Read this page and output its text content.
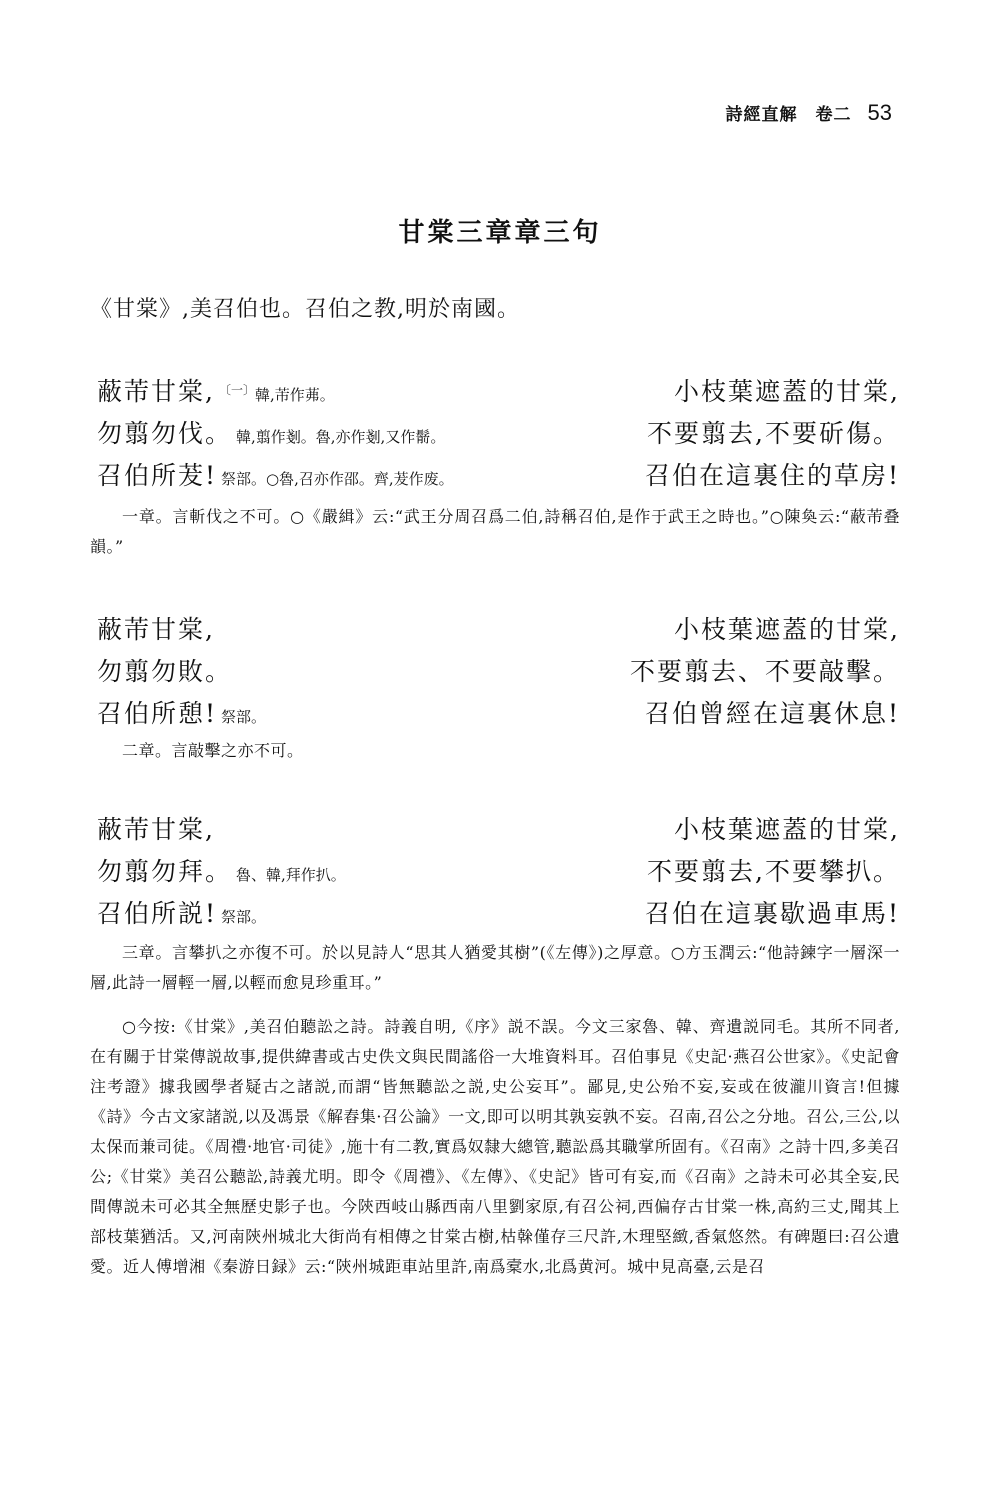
詩經直解　卷二 53
甘棠三章章三句
《甘棠》,美召伯也。召伯之教,明於南國。
蔽芾甘棠, $^{〔一〕}$韓,芾作茀。	小枝葉遮蓋的甘棠,
勿翦勿伐。 韓,翦作剗。魯,亦作剗,又作鬋。	不要翦去,不要斫傷。
召伯所茇! 祭部。○魯,召亦作邵。齊,茇作废。	召伯在這裏住的草房!
一章。言斬伐之不可。○《嚴緝》云:“武王分周召爲二伯,詩稱召伯,是作于武王之時也。”○陳奐云:“蔽芾叠韻。”
蔽芾甘棠,	小枝葉遮蓋的甘棠,
勿翦勿敗。	不要翦去、不要敲擊。
召伯所憩! 祭部。	召伯曾經在這裏休息!
二章。言敲擊之亦不可。
蔽芾甘棠,	小枝葉遮蓋的甘棠,
勿翦勿拜。 魯、韓,拜作扒。	不要翦去,不要攀扒。
召伯所説! 祭部。	召伯在這裏歇過車馬!
三章。言攀扒之亦復不可。於以見詩人“思其人猶愛其樹”(《左傳》)之厚意。○方玉潤云:“他詩鍊字一層深一層,此詩一層輕一層,以輕而愈見珍重耳。”
○今按:《甘棠》,美召伯聽訟之詩。詩義自明,《序》説不誤。今文三家魯、韓、齊遺説同毛。其所不同者,在有關于甘棠傳説故事,提供緯書或古史佚文與民間謠俗一大堆資料耳。召伯事見《史記·燕召公世家》。《史記會注考證》據我國學者疑古之諸説,而謂“皆無聽訟之説,史公妄耳”。鄙見,史公殆不妄,妄或在彼瀧川資言!但據《詩》今古文家諸説,以及馮景《解舂集·召公論》一文,即可以明其孰妄孰不妄。召南,召公之分地。召公,三公,以太保而兼司徒。《周禮·地官·司徒》,施十有二教,實爲奴隸大總管,聽訟爲其職掌所固有。《召南》之詩十四,多美召公;《甘棠》美召公聽訟,詩義尤明。即令《周禮》、《左傳》、《史記》皆可有妄,而《召南》之詩未可必其全妄,民間傳説未可必其全無歷史影子也。今陝西岐山縣西南八里劉家原,有召公祠,西偏存古甘棠一株,高約三丈,聞其上部枝葉猶活。又,河南陝州城北大街尚有相傳之甘棠古樹,枯榦僅存三尺許,木理堅緻,香氣悠然。有碑題曰:召公遺愛。近人傅增湘《秦游日録》云:“陝州城距車站里許,南爲槖水,北爲黄河。城中見高臺,云是召
